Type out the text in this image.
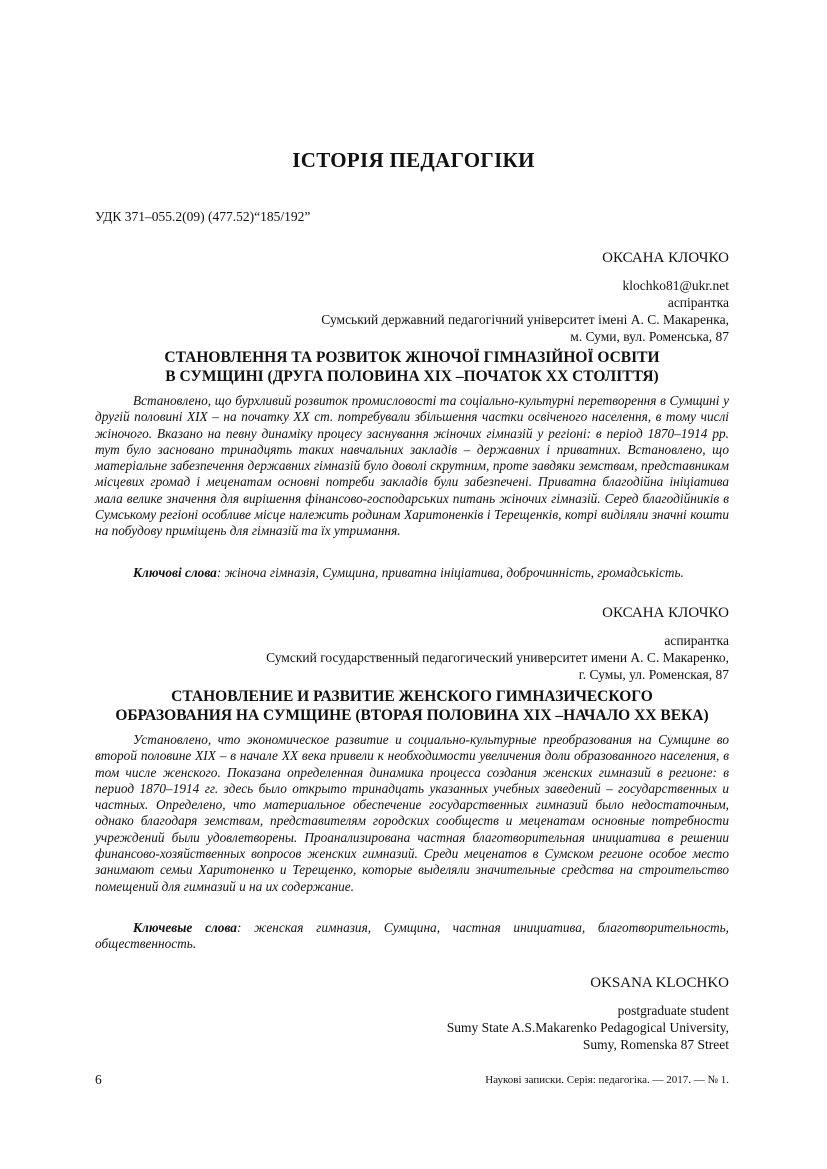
ІСТОРІЯ ПЕДАГОГІКИ
УДК 371–055.2(09) (477.52)“185/192”
ОКСАНА КЛОЧКО
klochko81@ukr.net
аспірантка
Сумський державний педагогічний університет імені А. С. Макаренка,
м. Суми, вул. Роменська, 87
СТАНОВЛЕННЯ ТА РОЗВИТОК ЖІНОЧОЇ ГІМНАЗІЙНОЇ ОСВІТИ
В СУМЩИНІ (ДРУГА ПОЛОВИНА XIX –ПОЧАТОК XX СТОЛІТТЯ)

Встановлено, що бурхливий розвиток промисловості та соціально-культурні перетворення в Сумщині у другій половині XIX – на початку XX ст. потребували збільшення частки освіченого населення, в тому числі жіночого. Вказано на певну динаміку процесу заснування жіночих гімназій у регіоні: в період 1870–1914 рр. тут було засновано тринадцять таких навчальних закладів – державних і приватних. Встановлено, що матеріальне забезпечення державних гімназій було доволі скрутним, проте завдяки земствам, представникам місцевих громад і меценатам основні потреби закладів були забезпечені. Приватна благодійна ініціатива мала велике значення для вирішення фінансово-господарських питань жіночих гімназій. Серед благодійників в Сумському регіоні особливе місце належить родинам Харитоненків і Терещенків, котрі виділяли значні кошти на побудову приміщень для гімназій та їх утримання.

Ключові слова: жіноча гімназія, Сумщина, приватна ініціатива, доброчинність, громадськість.

ОКСАНА КЛОЧКО
аспирантка
Сумский государственный педагогический университет имени А. С. Макаренко,
г. Сумы, ул. Роменская, 87
СТАНОВЛЕНИЕ И РАЗВИТИЕ ЖЕНСКОГО ГИМНАЗИЧЕСКОГО
ОБРАЗОВАНИЯ НА СУМЩИНЕ (ВТОРАЯ ПОЛОВИНА XIX –НАЧАЛО XX ВЕКА)

Установлено, что экономическое развитие и социально-культурные преобразования на Сумщине во второй половине XIX – в начале XX века привели к необходимости увеличения доли образованного населения, в том числе женского. Показана определенная динамика процесса создания женских гимназий в регионе: в период 1870–1914 гг. здесь было открыто тринадцать указанных учебных заведений – государственных и частных. Определено, что материальное обеспечение государственных гимназий было недостаточным, однако благодаря земствам, представителям городских сообществ и меценатам основные потребности учреждений были удовлетворены. Проанализирована частная благотворительная инициатива в решении финансово-хозяйственных вопросов женских гимназий. Среди меценатов в Сумском регионе особое место занимают семьи Харитоненко и Терещенко, которые выделяли значительные средства на строительство помещений для гимназий и на их содержание.

Ключевые слова: женская гимназия, Сумщина, частная инициатива, благотворительность, общественность.

OKSANA KLOCHKO
postgraduate student
Sumy State A.S.Makarenko Pedagogical University,
Sumy, Romenska 87 Street
6	Наукові записки. Серія: педагогіка. — 2017. — № 1.
